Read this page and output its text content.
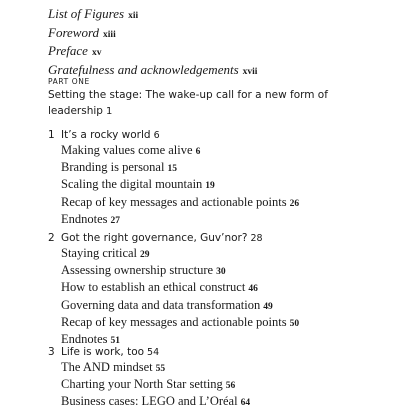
List of Figures xii
Foreword xiii
Preface xv
Gratefulness and acknowledgements xvii
PART ONE
Setting the stage: The wake-up call for a new form of leadership 1
1 It’s a rocky world 6
Making values come alive 6
Branding is personal 15
Scaling the digital mountain 19
Recap of key messages and actionable points 26
Endnotes 27
2 Got the right governance, Guv’nor? 28
Staying critical 29
Assessing ownership structure 30
How to establish an ethical construct 46
Governing data and data transformation 49
Recap of key messages and actionable points 50
Endnotes 51
3 Life is work, too 54
The AND mindset 55
Charting your North Star setting 56
Business cases: LEGO and L’Oréal 64
